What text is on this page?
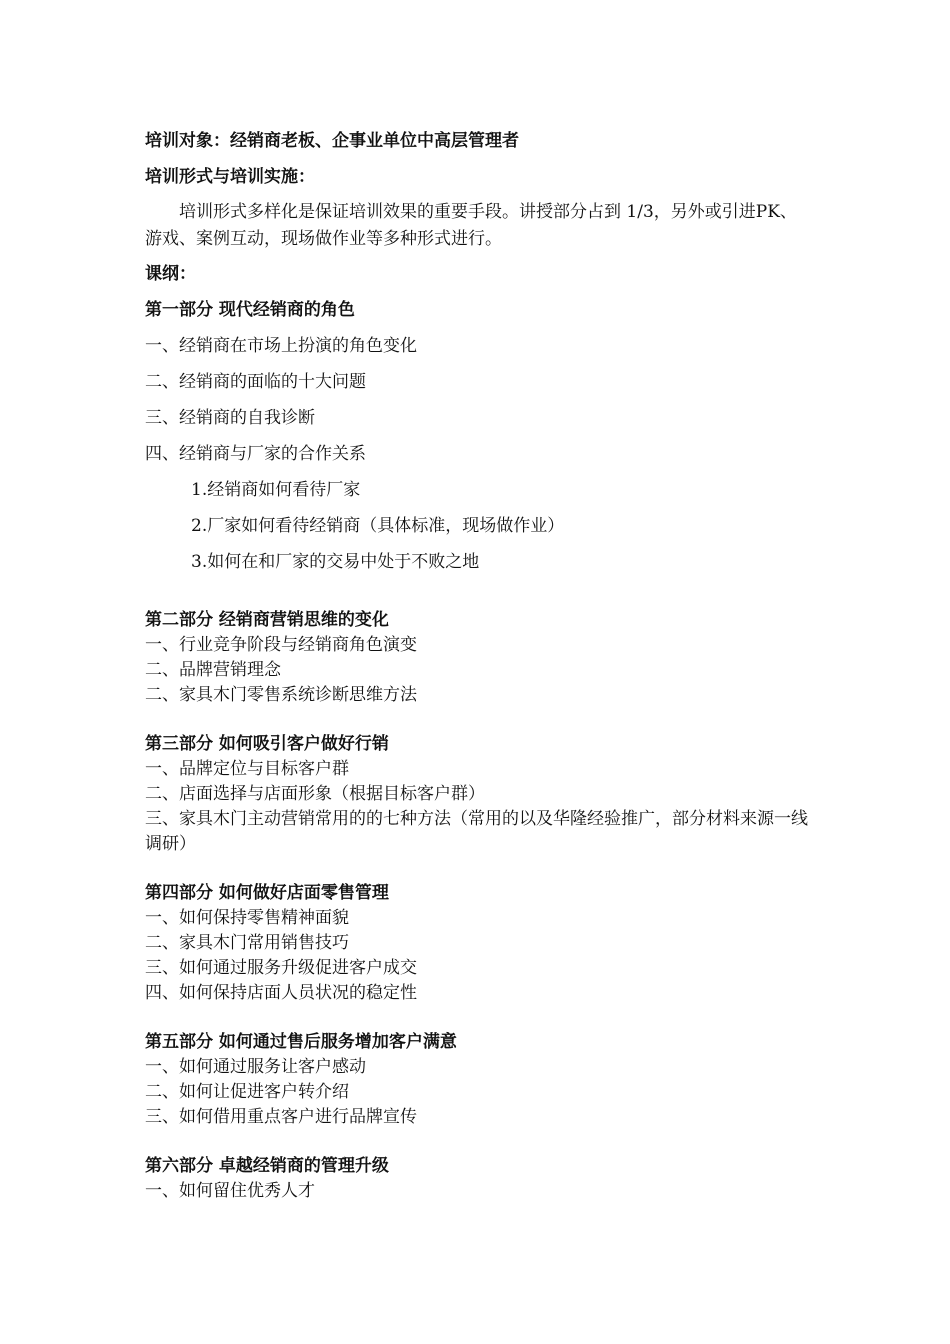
培训对象：经销商老板、企事业单位中高层管理者
培训形式与培训实施：
培训形式多样化是保证培训效果的重要手段。讲授部分占到 1/3，另外或引进PK、游戏、案例互动，现场做作业等多种形式进行。
课纲：
第一部分 现代经销商的角色
一、经销商在市场上扮演的角色变化
二、经销商的面临的十大问题
三、经销商的自我诊断
四、经销商与厂家的合作关系
1.经销商如何看待厂家
2.厂家如何看待经销商（具体标准，现场做作业）
3.如何在和厂家的交易中处于不败之地
第二部分 经销商营销思维的变化
一、行业竞争阶段与经销商角色演变
二、品牌营销理念
二、家具木门零售系统诊断思维方法
第三部分 如何吸引客户做好行销
一、品牌定位与目标客户群
二、店面选择与店面形象（根据目标客户群）
三、家具木门主动营销常用的的七种方法（常用的以及华隆经验推广，部分材料来源一线调研）
第四部分 如何做好店面零售管理
一、如何保持零售精神面貌
二、家具木门常用销售技巧
三、如何通过服务升级促进客户成交
四、如何保持店面人员状况的稳定性
第五部分 如何通过售后服务增加客户满意
一、如何通过服务让客户感动
二、如何让促进客户转介绍
三、如何借用重点客户进行品牌宣传
第六部分 卓越经销商的管理升级
一、如何留住优秀人才
